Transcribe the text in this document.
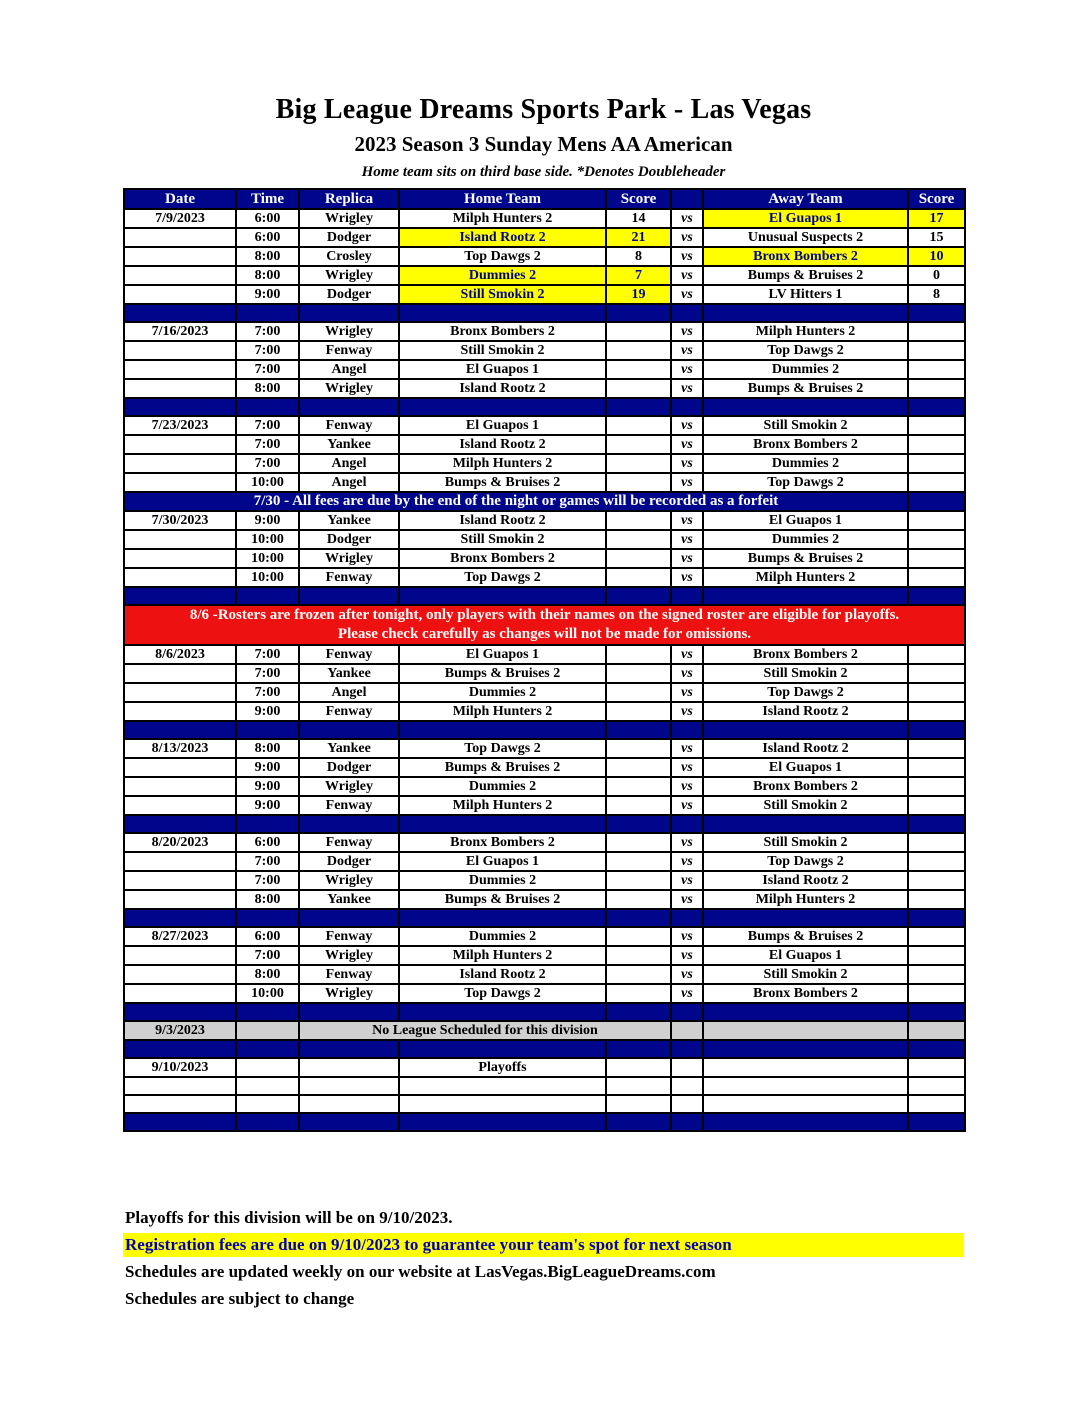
Big League Dreams Sports Park - Las Vegas
2023 Season 3 Sunday Mens AA American
Home team sits on third base side. *Denotes Doubleheader
Date	Time	Replica	Home Team	Score		Away Team	Score
7/9/2023	6:00	Wrigley	Milph Hunters 2	14	vs	El Guapos 1	17
	6:00	Dodger	Island Rootz 2	21	vs	Unusual Suspects 2	15
	8:00	Crosley	Top Dawgs 2	8	vs	Bronx Bombers 2	10
	8:00	Wrigley	Dummies 2	7	vs	Bumps & Bruises 2	0
	9:00	Dodger	Still Smokin 2	19	vs	LV Hitters 1	8

7/16/2023	7:00	Wrigley	Bronx Bombers 2		vs	Milph Hunters 2	
	7:00	Fenway	Still Smokin 2		vs	Top Dawgs 2	
	7:00	Angel	El Guapos 1		vs	Dummies 2	
	8:00	Wrigley	Island Rootz 2		vs	Bumps & Bruises 2	

7/23/2023	7:00	Fenway	El Guapos 1		vs	Still Smokin 2	
	7:00	Yankee	Island Rootz 2		vs	Bronx Bombers 2	
	7:00	Angel	Milph Hunters 2		vs	Dummies 2	
	10:00	Angel	Bumps & Bruises 2		vs	Top Dawgs 2	
7/30 - All fees are due by the end of the night or games will be recorded as a forfeit							
7/30/2023	9:00	Yankee	Island Rootz 2		vs	El Guapos 1	
	10:00	Dodger	Still Smokin 2		vs	Dummies 2	
	10:00	Wrigley	Bronx Bombers 2		vs	Bumps & Bruises 2	
	10:00	Fenway	Top Dawgs 2		vs	Milph Hunters 2	

8/6 -Rosters are frozen after tonight, only players with their names on the signed roster are eligible for playoffs.
Please check carefully as changes will not be made for omissions.							

8/6/2023	7:00	Fenway	El Guapos 1		vs	Bronx Bombers 2	
	7:00	Yankee	Bumps & Bruises 2		vs	Still Smokin 2	
	7:00	Angel	Dummies 2		vs	Top Dawgs 2	
	9:00	Fenway	Milph Hunters 2		vs	Island Rootz 2	

8/13/2023	8:00	Yankee	Top Dawgs 2		vs	Island Rootz 2	
	9:00	Dodger	Bumps & Bruises 2		vs	El Guapos 1	
	9:00	Wrigley	Dummies 2		vs	Bronx Bombers 2	
	9:00	Fenway	Milph Hunters 2		vs	Still Smokin 2	

8/20/2023	6:00	Fenway	Bronx Bombers 2		vs	Still Smokin 2	
	7:00	Dodger	El Guapos 1		vs	Top Dawgs 2	
	7:00	Wrigley	Dummies 2		vs	Island Rootz 2	
	8:00	Yankee	Bumps & Bruises 2		vs	Milph Hunters 2	

8/27/2023	6:00	Fenway	Dummies 2		vs	Bumps & Bruises 2	
	7:00	Wrigley	Milph Hunters 2		vs	El Guapos 1	
	8:00	Fenway	Island Rootz 2		vs	Still Smokin 2	
	10:00	Wrigley	Top Dawgs 2		vs	Bronx Bombers 2	

9/3/2023		No League Scheduled for this division					

9/10/2023			Playoffs				

Playoffs for this division will be on 9/10/2023.
Registration fees are due on 9/10/2023 to guarantee your team's spot for next season
Schedules are updated weekly on our website at LasVegas.BigLeagueDreams.com
Schedules are subject to change
